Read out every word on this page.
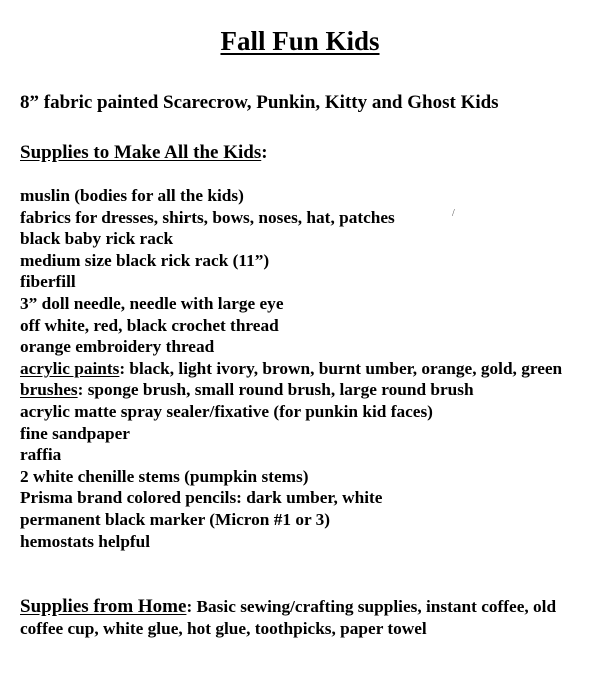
Fall Fun Kids
8” fabric painted Scarecrow, Punkin, Kitty and Ghost Kids
Supplies to Make All the Kids:
muslin (bodies for all the kids)
fabrics for dresses, shirts, bows, noses, hat, patches
black baby rick rack
medium size black rick rack (11”)
fiberfill
3” doll needle, needle with large eye
off white, red, black crochet thread
orange embroidery thread
acrylic paints: black, light ivory, brown, burnt umber, orange, gold, green
brushes: sponge brush, small round brush, large round brush
acrylic matte spray sealer/fixative (for punkin kid faces)
fine sandpaper
raffia
2 white chenille stems (pumpkin stems)
Prisma brand colored pencils: dark umber, white
permanent black marker (Micron #1 or 3)
hemostats helpful
Supplies from Home: Basic sewing/crafting supplies, instant coffee, old coffee cup, white glue, hot glue, toothpicks, paper towel
/
